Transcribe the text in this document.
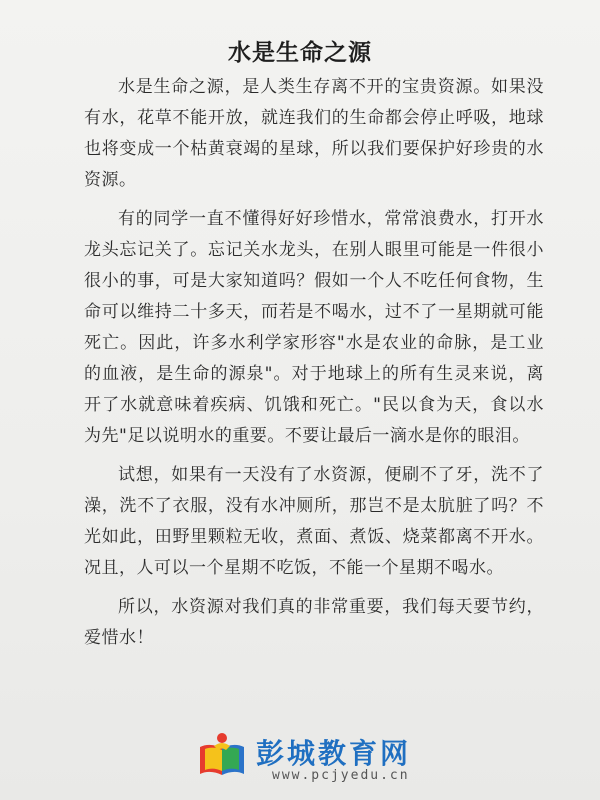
水是生命之源

水是生命之源，是人类生存离不开的宝贵资源。如果没有水，花草不能开放，就连我们的生命都会停止呼吸，地球也将变成一个枯黄衰竭的星球，所以我们要保护好珍贵的水资源。

有的同学一直不懂得好好珍惜水，常常浪费水，打开水龙头忘记关了。忘记关水龙头，在别人眼里可能是一件很小很小的事，可是大家知道吗？假如一个人不吃任何食物，生命可以维持二十多天，而若是不喝水，过不了一星期就可能死亡。因此，许多水利学家形容"水是农业的命脉，是工业的血液，是生命的源泉"。对于地球上的所有生灵来说，离开了水就意味着疾病、饥饿和死亡。"民以食为天，食以水为先"足以说明水的重要。不要让最后一滴水是你的眼泪。

试想，如果有一天没有了水资源，便刷不了牙，洗不了澡，洗不了衣服，没有水冲厕所，那岂不是太肮脏了吗？不光如此，田野里颗粒无收，煮面、煮饭、烧菜都离不开水。况且，人可以一个星期不吃饭，不能一个星期不喝水。

所以，水资源对我们真的非常重要，我们每天要节约，爱惜水！

彭城教育网
www.pcjyedu.cn
